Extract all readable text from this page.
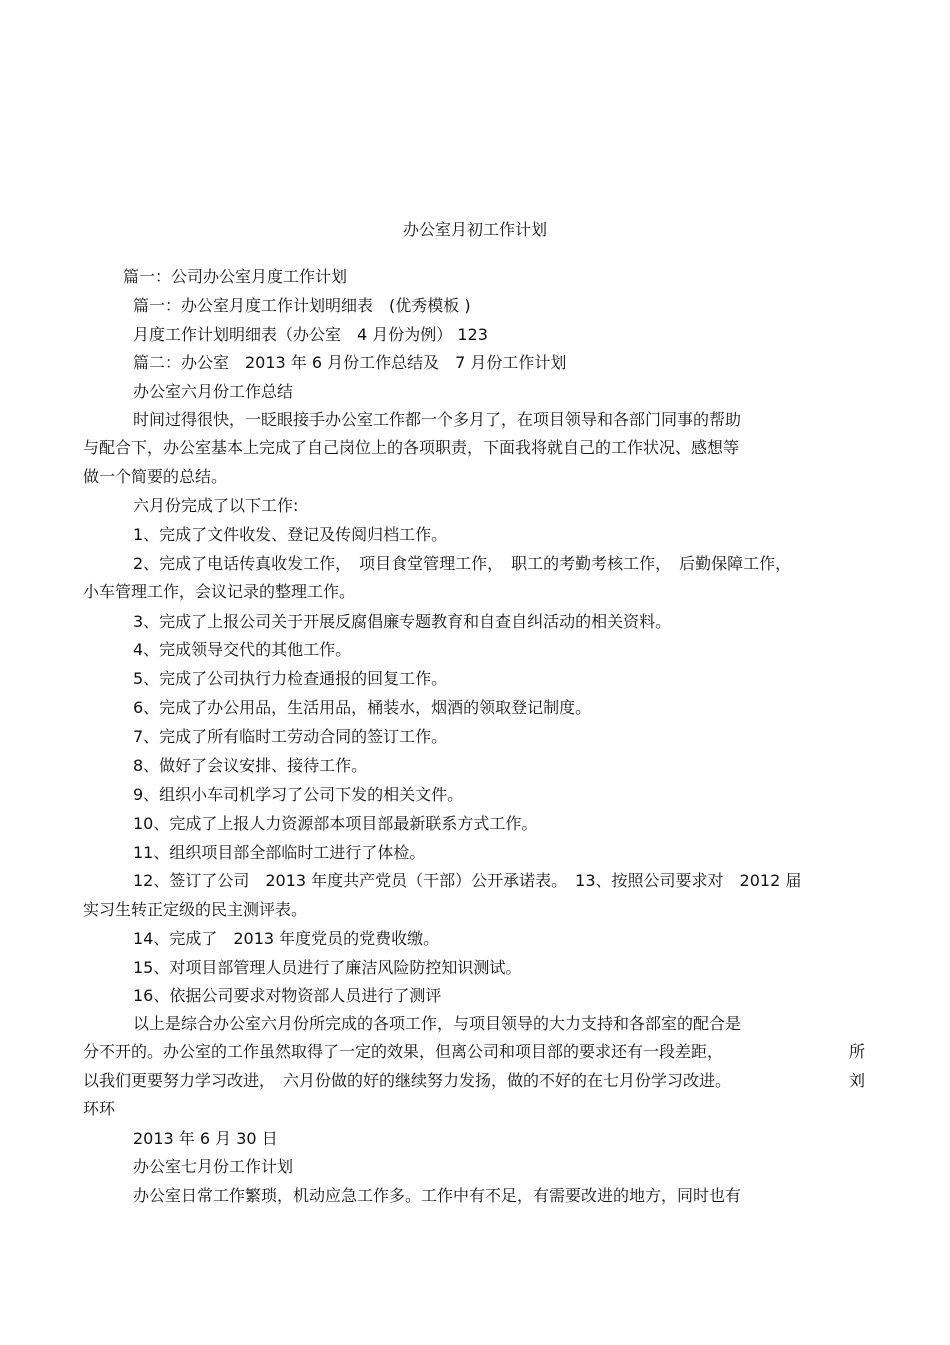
办公室月初工作计划
篇一：公司办公室月度工作计划
篇一：办公室月度工作计划明细表　(优秀模板 )
月度工作计划明细表（办公室　4 月份为例） 123
篇二：办公室　2013 年 6 月份工作总结及　7 月份工作计划
办公室六月份工作总结
时间过得很快，一眨眼接手办公室工作都一个多月了，在项目领导和各部门同事的帮助
与配合下，办公室基本上完成了自己岗位上的各项职责，下面我将就自己的工作状况、感想等
做一个简要的总结。
六月份完成了以下工作:
1、完成了文件收发、登记及传阅归档工作。
2、完成了电话传真收发工作，　项目食堂管理工作，　职工的考勤考核工作，　后勤保障工作，
小车管理工作，会议记录的整理工作。
3、完成了上报公司关于开展反腐倡廉专题教育和自查自纠活动的相关资料。
4、完成领导交代的其他工作。
5、完成了公司执行力检查通报的回复工作。
6、完成了办公用品，生活用品，桶装水，烟酒的领取登记制度。
7、完成了所有临时工劳动合同的签订工作。
8、做好了会议安排、接待工作。
9、组织小车司机学习了公司下发的相关文件。
10、完成了上报人力资源部本项目部最新联系方式工作。
11、组织项目部全部临时工进行了体检。
12、签订了公司　2013 年度共产党员（干部）公开承诺表。　13、按照公司要求对　2012 届
实习生转正定级的民主测评表。
14、完成了　2013 年度党员的党费收缴。
15、对项目部管理人员进行了廉洁风险防控知识测试。
16、依据公司要求对物资部人员进行了测评
以上是综合办公室六月份所完成的各项工作，与项目领导的大力支持和各部室的配合是
分不开的。办公室的工作虽然取得了一定的效果，但离公司和项目部的要求还有一段差距，	所
以我们更要努力学习改进，　六月份做的好的继续努力发扬，做的不好的在七月份学习改进。	刘
环环
2013 年 6 月 30 日
办公室七月份工作计划
办公室日常工作繁琐，机动应急工作多。工作中有不足，有需要改进的地方，同时也有
